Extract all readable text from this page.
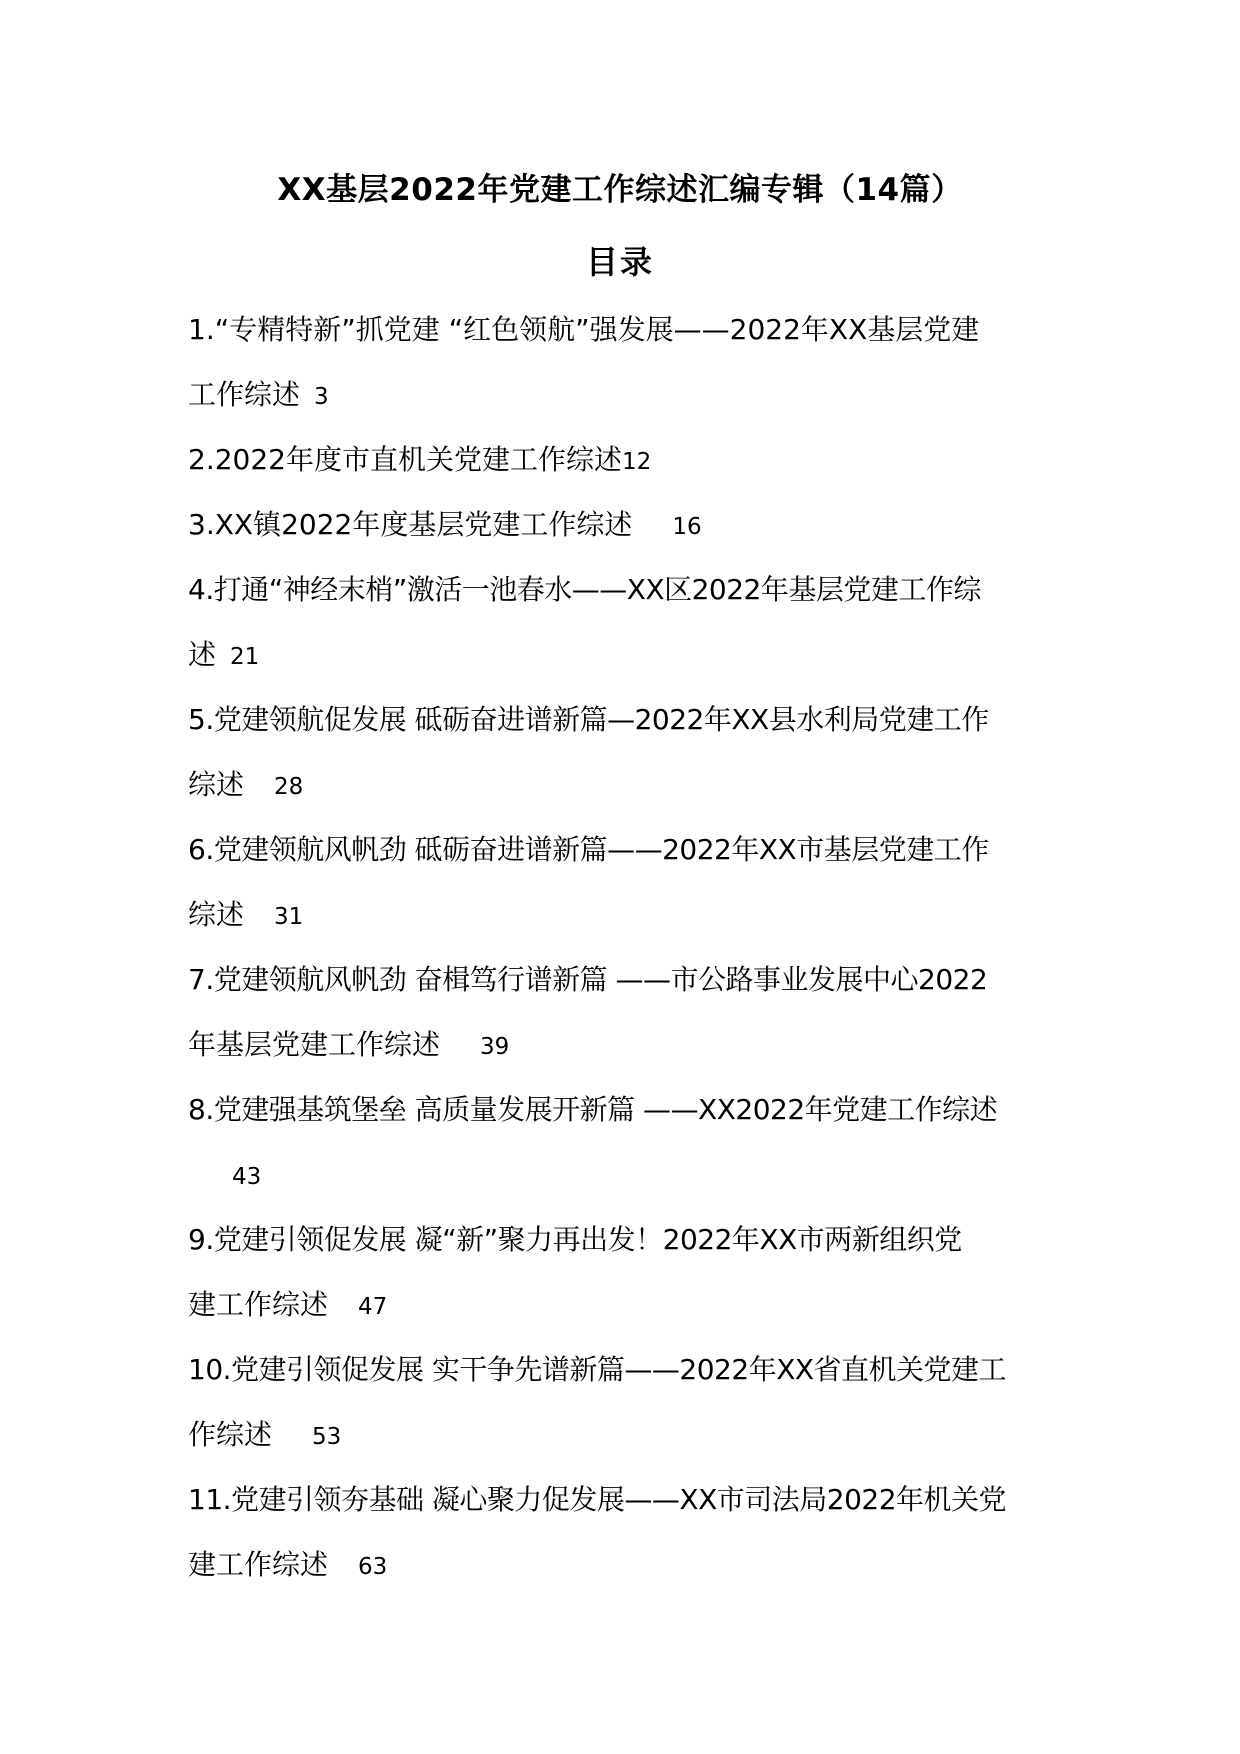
XX基层2022年党建工作综述汇编专辑（14篇）
目录
1.“专精特新”抓党建 “红色领航”强发展——2022年XX基层党建
工作综述 3
2.2022年度市直机关党建工作综述12
3.XX镇2022年度基层党建工作综述 16
4.打通“神经末梢”激活一池春水——XX区2022年基层党建工作综
述 21
5.党建领航促发展 砥砺奋进谱新篇—2022年XX县水利局党建工作
综述 28
6.党建领航风帆劲 砥砺奋进谱新篇——2022年XX市基层党建工作
综述 31
7.党建领航风帆劲 奋楫笃行谱新篇 ——市公路事业发展中心2022
年基层党建工作综述 39
8.党建强基筑堡垒 高质量发展开新篇 ——XX2022年党建工作综述
43
9.党建引领促发展 凝“新”聚力再出发！2022年XX市两新组织党
建工作综述 47
10.党建引领促发展 实干争先谱新篇——2022年XX省直机关党建工
作综述 53
11.党建引领夯基础 凝心聚力促发展——XX市司法局2022年机关党
建工作综述 63
